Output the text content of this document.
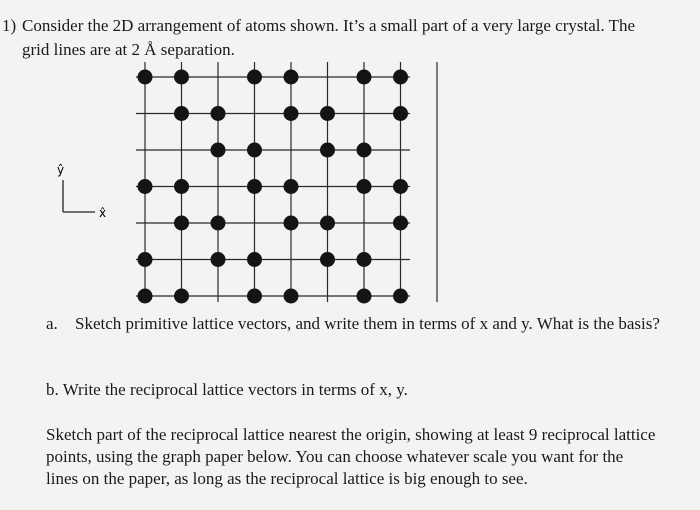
1) Consider the 2D arrangement of atoms shown. It’s a small part of a very large crystal. The
grid lines are at 2 Å separation.
ŷ
x̂
a. Sketch primitive lattice vectors, and write them in terms of x and y. What is the basis?
b. Write the reciprocal lattice vectors in terms of x, y.
Sketch part of the reciprocal lattice nearest the origin, showing at least 9 reciprocal lattice
points, using the graph paper below. You can choose whatever scale you want for the
lines on the paper, as long as the reciprocal lattice is big enough to see.
